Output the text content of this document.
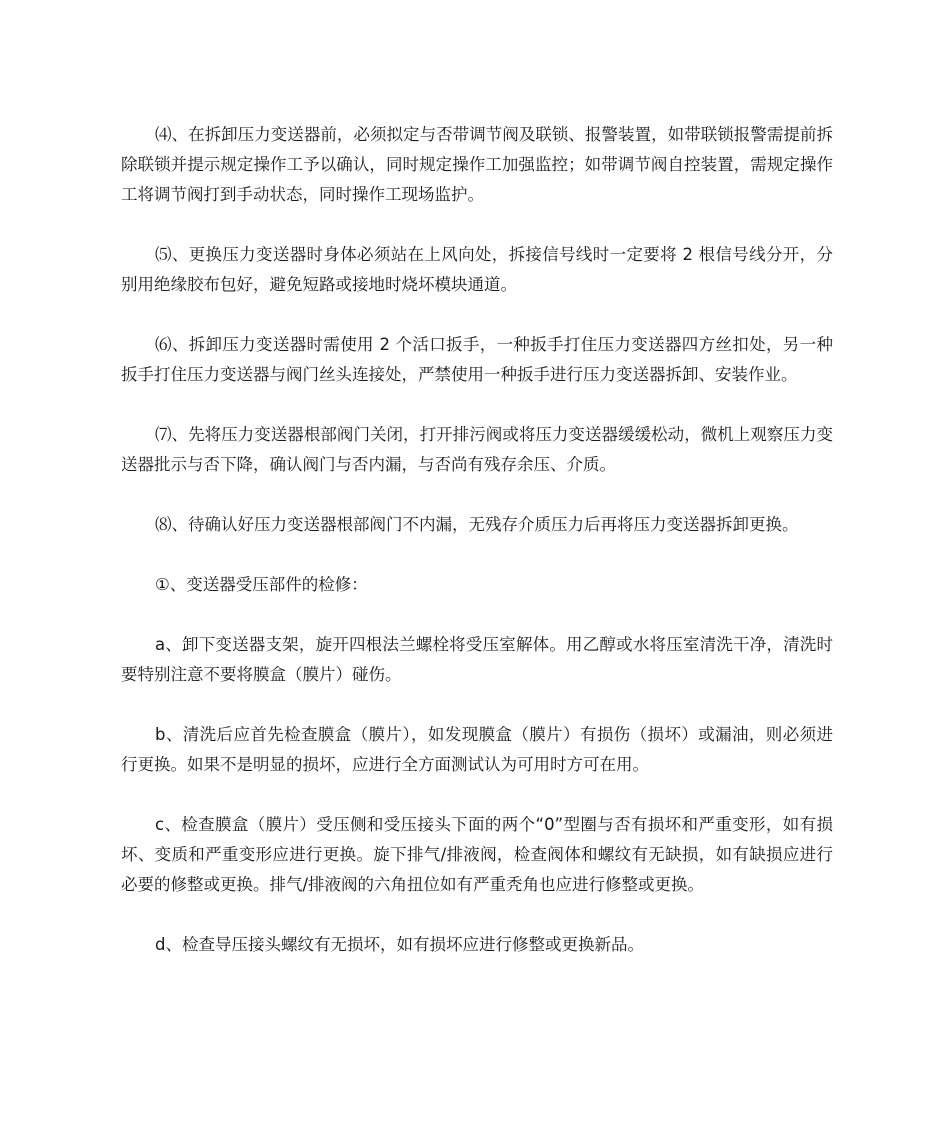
⑷、在拆卸压力变送器前，必须拟定与否带调节阀及联锁、报警装置，如带联锁报警需提前拆除联锁并提示规定操作工予以确认，同时规定操作工加强监控；如带调节阀自控装置，需规定操作工将调节阀打到手动状态，同时操作工现场监护。

⑸、更换压力变送器时身体必须站在上风向处，拆接信号线时一定要将 2 根信号线分开，分别用绝缘胶布包好，避免短路或接地时烧坏模块通道。

⑹、拆卸压力变送器时需使用 2 个活口扳手，一种扳手打住压力变送器四方丝扣处，另一种扳手打住压力变送器与阀门丝头连接处，严禁使用一种扳手进行压力变送器拆卸、安装作业。

⑺、先将压力变送器根部阀门关闭，打开排污阀或将压力变送器缓缓松动，微机上观察压力变送器批示与否下降，确认阀门与否内漏，与否尚有残存余压、介质。

⑻、待确认好压力变送器根部阀门不内漏，无残存介质压力后再将压力变送器拆卸更换。

①、变送器受压部件的检修：

a、卸下变送器支架，旋开四根法兰螺栓将受压室解体。用乙醇或水将压室清洗干净，清洗时要特别注意不要将膜盒（膜片）碰伤。

b、清洗后应首先检查膜盒（膜片），如发现膜盒（膜片）有损伤（损坏）或漏油，则必须进行更换。如果不是明显的损坏，应进行全方面测试认为可用时方可在用。

c、检查膜盒（膜片）受压侧和受压接头下面的两个“0”型圈与否有损坏和严重变形，如有损坏、变质和严重变形应进行更换。旋下排气/排液阀，检查阀体和螺纹有无缺损，如有缺损应进行必要的修整或更换。排气/排液阀的六角扭位如有严重秃角也应进行修整或更换。

d、检查导压接头螺纹有无损坏，如有损坏应进行修整或更换新品。
